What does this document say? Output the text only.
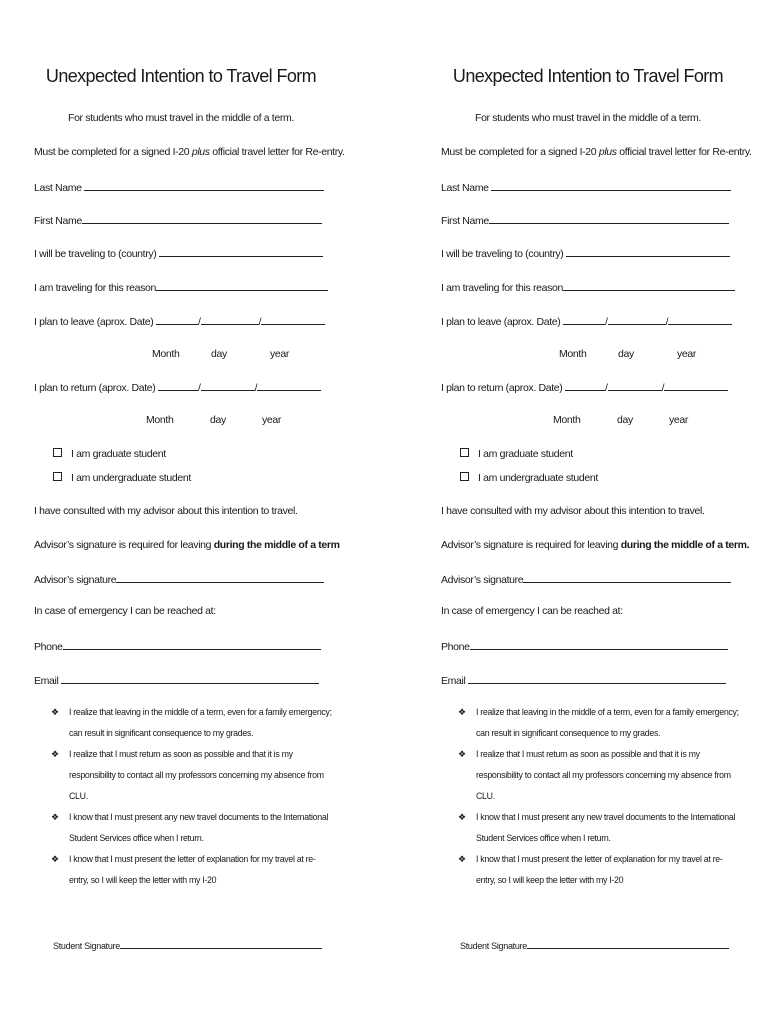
Unexpected Intention to Travel Form
For students who must travel in the middle of a term.
Must be completed for a signed I-20 plus official travel letter for Re-entry.
Last Name
First Name
I will be traveling to (country)
I am traveling for this reason
I plan to leave (aprox. Date)	/	/
Month	day	year
I plan to return (aprox. Date)	/	/
Month	day	year
I am graduate student
I am undergraduate student
I have consulted with my advisor about this intention to travel.
Advisor’s signature is required for leaving during the middle of a term
Advisor’s signature
In case of emergency I can be reached at:
Phone
Email
❖ I realize that leaving in the middle of a term, even for a family emergency; can result in significant consequence to my grades.
❖ I realize that I must return as soon as possible and that it is my responsibility to contact all my professors concerning my absence from CLU.
❖ I know that I must present any new travel documents to the International Student Services office when I return.
❖ I know that I must present the letter of explanation for my travel at re-entry, so I will keep the letter with my I-20
Student Signature
Unexpected Intention to Travel Form
For students who must travel in the middle of a term.
Must be completed for a signed I-20 plus official travel letter for Re-entry.
Last Name
First Name
I will be traveling to (country)
I am traveling for this reason
I plan to leave (aprox. Date)	/	/
Month	day	year
I plan to return (aprox. Date)	/	/
Month	day	year
I am graduate student
I am undergraduate student
I have consulted with my advisor about this intention to travel.
Advisor’s signature is required for leaving during the middle of a term.
Advisor’s signature
In case of emergency I can be reached at:
Phone
Email
❖ I realize that leaving in the middle of a term, even for a family emergency; can result in significant consequence to my grades.
❖ I realize that I must return as soon as possible and that it is my responsibility to contact all my professors concerning my absence from CLU.
❖ I know that I must present any new travel documents to the International Student Services office when I return.
❖ I know that I must present the letter of explanation for my travel at re-entry, so I will keep the letter with my I-20
Student Signature
